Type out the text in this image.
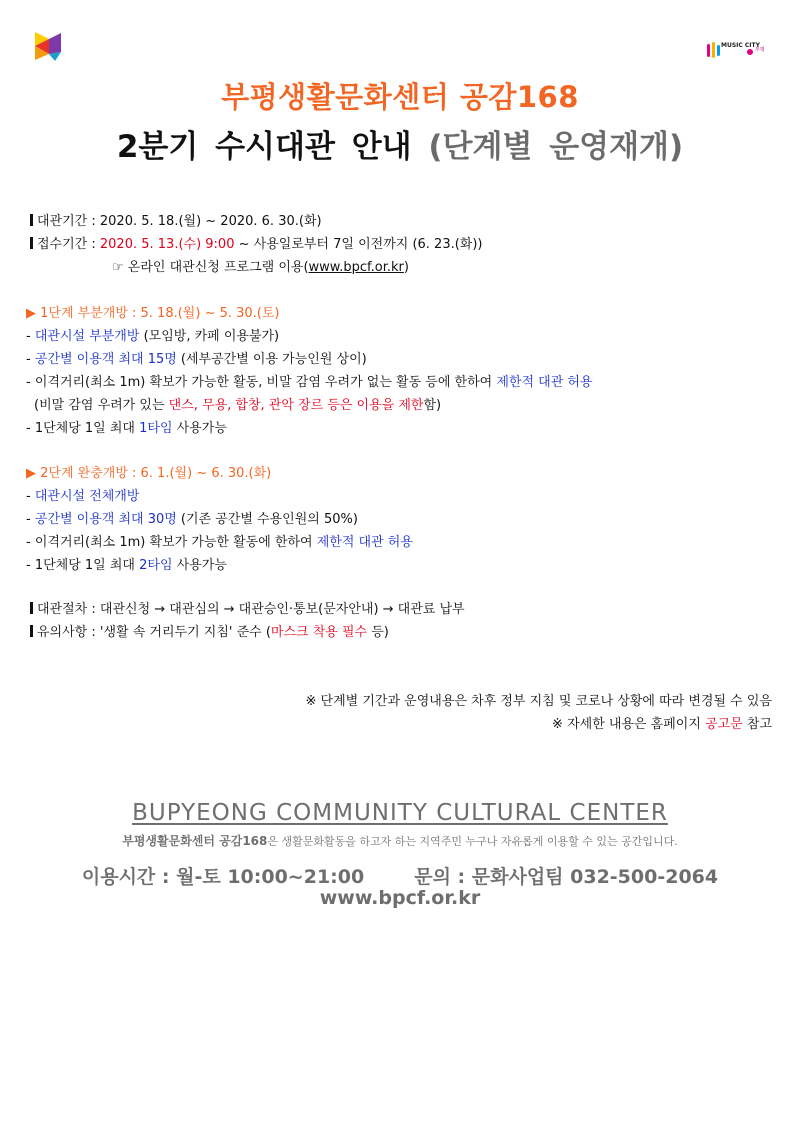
MUSIC CITY
부평
부평생활문화센터 공감168
2분기 수시대관 안내 (단계별 운영재개)
대관기간 : 2020. 5. 18.(월) ~ 2020. 6. 30.(화)
접수기간 : 2020. 5. 13.(수) 9:00 ~ 사용일로부터 7일 이전까지 (6. 23.(화))
☞ 온라인 대관신청 프로그램 이용(www.bpcf.or.kr)
▶ 1단계 부분개방 : 5. 18.(월) ~ 5. 30.(토)
- 대관시설 부분개방 (모임방, 카페 이용불가)
- 공간별 이용객 최대 15명 (세부공간별 이용 가능인원 상이)
- 이격거리(최소 1m) 확보가 가능한 활동, 비말 감염 우려가 없는 활동 등에 한하여 제한적 대관 허용
(비말 감염 우려가 있는 댄스, 무용, 합창, 관악 장르 등은 이용을 제한함)
- 1단체당 1일 최대 1타임 사용가능
▶ 2단계 완충개방 : 6. 1.(월) ~ 6. 30.(화)
- 대관시설 전체개방
- 공간별 이용객 최대 30명 (기존 공간별 수용인원의 50%)
- 이격거리(최소 1m) 확보가 가능한 활동에 한하여 제한적 대관 허용
- 1단체당 1일 최대 2타임 사용가능
대관절차 : 대관신청 → 대관심의 → 대관승인·통보(문자안내) → 대관료 납부
유의사항 : '생활 속 거리두기 지침' 준수 (마스크 착용 필수 등)
※ 단계별 기간과 운영내용은 차후 정부 지침 및 코로나 상황에 따라 변경될 수 있음
※ 자세한 내용은 홈페이지 공고문 참고
BUPYEONG COMMUNITY CULTURAL CENTER
부평생활문화센터 공감168은 생활문화활동을 하고자 하는 지역주민 누구나 자유롭게 이용할 수 있는 공간입니다.
이용시간 : 월-토 10:00~21:00	문의 : 문화사업팀 032-500-2064
www.bpcf.or.kr
